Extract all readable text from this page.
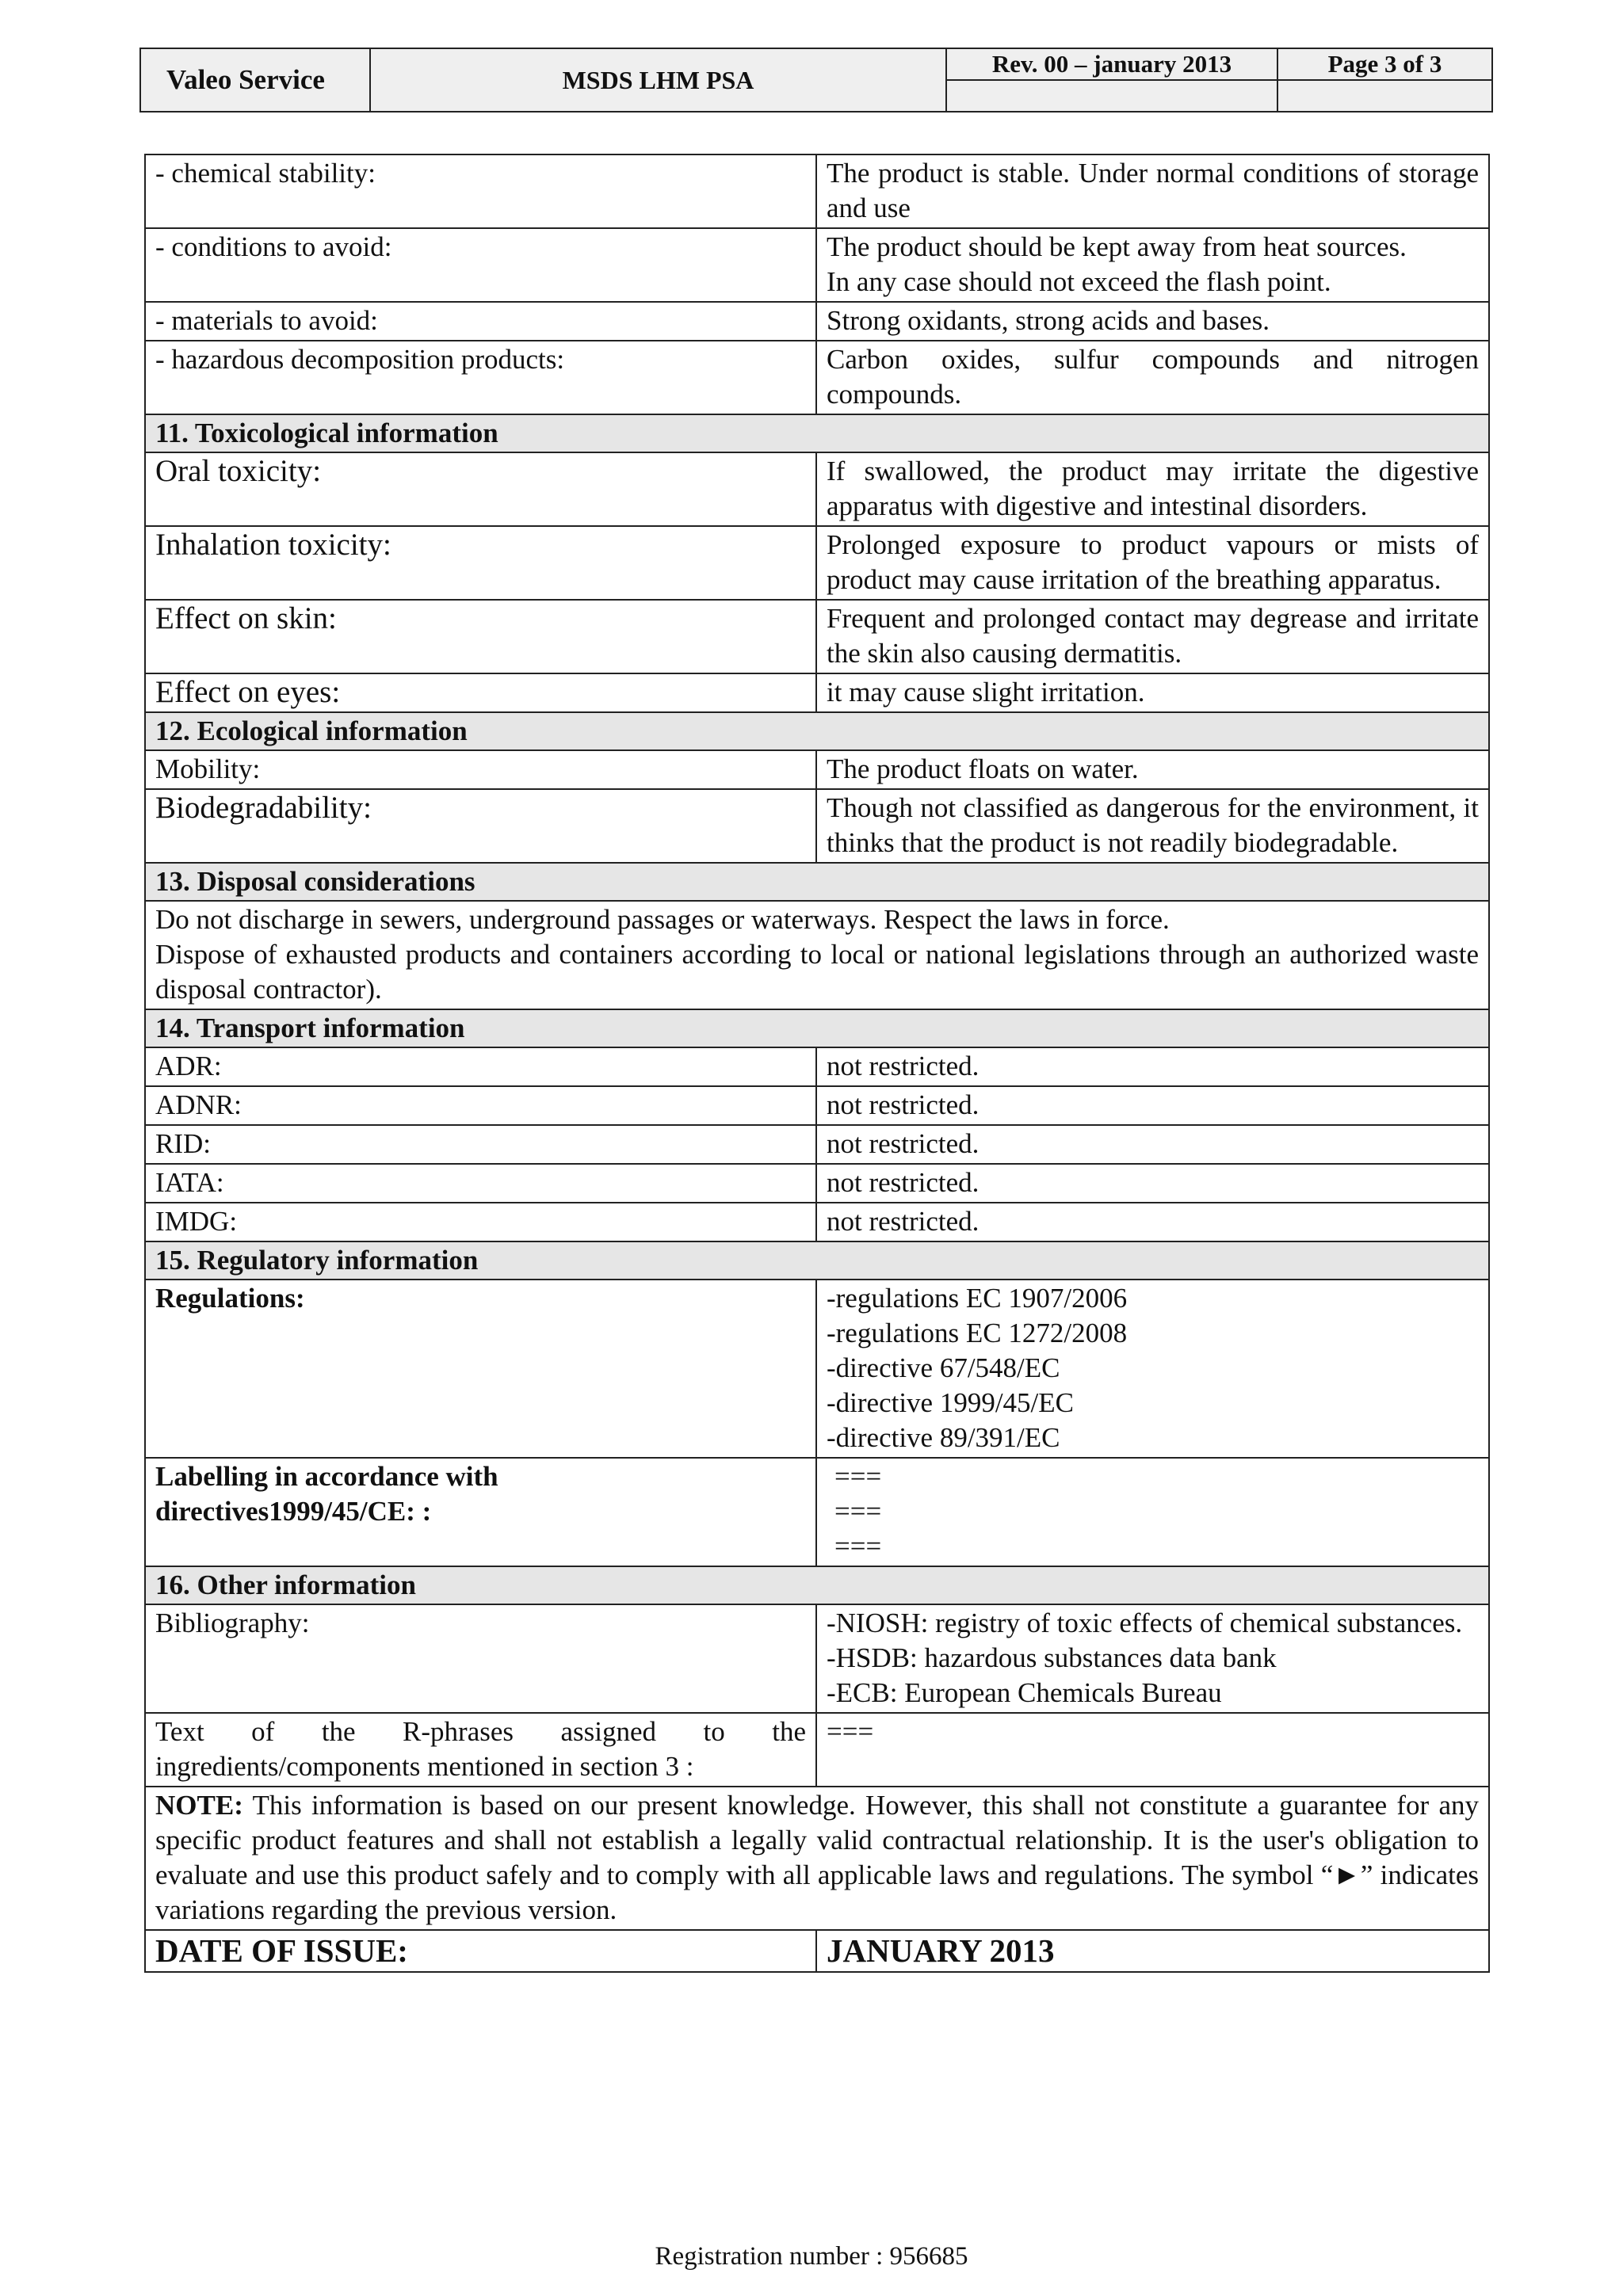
Valeo Service	MSDS LHM PSA	Rev. 00 – january 2013	Page 3 of 3

- chemical stability:	The product is stable. Under normal conditions of storage and use
- conditions to avoid:	The product should be kept away from heat sources.
In any case should not exceed the flash point.

- materials to avoid:	Strong oxidants, strong acids and bases.
- hazardous decomposition products:	Carbon oxides, sulfur compounds and nitrogen compounds.
11. Toxicological information	
Oral toxicity:	If swallowed, the product may irritate the digestive apparatus with digestive and intestinal disorders.
Inhalation toxicity:	Prolonged exposure to product vapours or mists of product may cause irritation of the breathing apparatus.
Effect on skin:	Frequent and prolonged contact may degrease and irritate the skin also causing dermatitis.
Effect on eyes:	it may cause slight irritation.
12. Ecological information	
Mobility:	The product floats on water.
Biodegradability:	Though not classified as dangerous for the environment, it thinks that the product is not readily biodegradable.
13. Disposal considerations	

Do not discharge in sewers, underground passages or waterways. Respect the laws in force.
Dispose of exhausted products and containers according to local or national legislations through an authorized waste disposal contractor).	

14. Transport information	
ADR:	not restricted.
ADNR:	not restricted.
RID:	not restricted.
IATA:	not restricted.
IMDG:	not restricted.
15. Regulatory information	
Regulations:	-regulations EC 1907/2006
-regulations EC 1272/2008
-directive 67/548/EC
-directive 1999/45/EC
-directive 89/391/EC

Labelling in accordance with
directives1999/45/CE: :	===
===
===

16. Other information	
Bibliography:	-NIOSH: registry of toxic effects of chemical substances.
-HSDB: hazardous substances data bank
-ECB: European Chemicals Bureau

Text of the R-phrases assigned to the ingredients/components mentioned in section 3 :	===
NOTE: This information is based on our present knowledge. However, this shall not constitute a guarantee for any specific product features and shall not establish a legally valid contractual relationship. It is the user's obligation to evaluate and use this product safely and to comply with all applicable laws and regulations. The symbol “►” indicates variations regarding the previous version.	
DATE OF ISSUE:	JANUARY 2013
Registration number : 956685
